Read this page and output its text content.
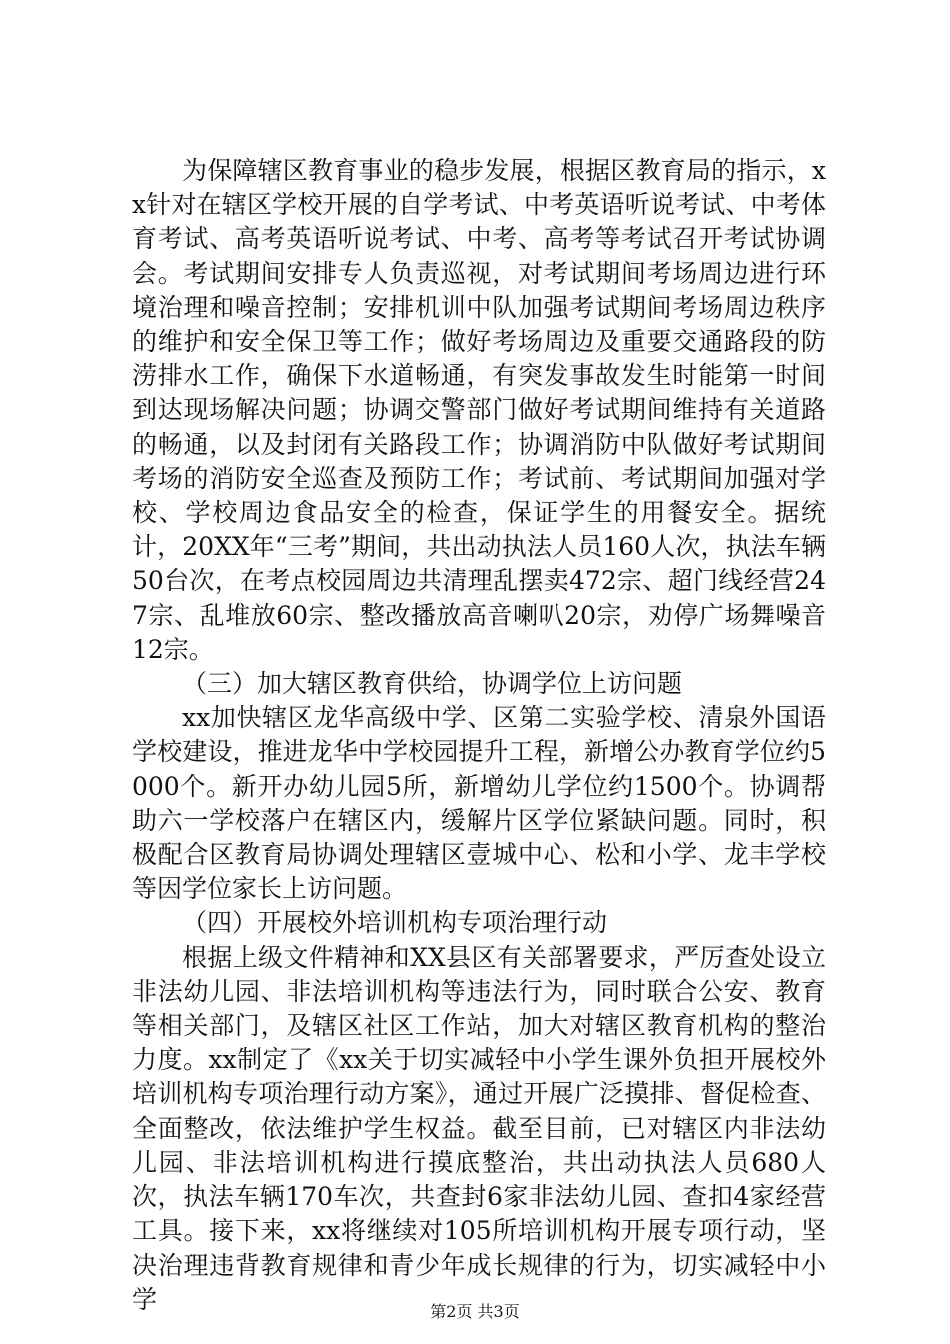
为保障辖区教育事业的稳步发展，根据区教育局的指示，xx针对在辖区学校开展的自学考试、中考英语听说考试、中考体育考试、高考英语听说考试、中考、高考等考试召开考试协调会。考试期间安排专人负责巡视，对考试期间考场周边进行环境治理和噪音控制；安排机训中队加强考试期间考场周边秩序的维护和安全保卫等工作；做好考场周边及重要交通路段的防涝排水工作，确保下水道畅通，有突发事故发生时能第一时间到达现场解决问题；协调交警部门做好考试期间维持有关道路的畅通，以及封闭有关路段工作；协调消防中队做好考试期间考场的消防安全巡查及预防工作；考试前、考试期间加强对学校、学校周边食品安全的检查，保证学生的用餐安全。据统计，20XX年“三考”期间，共出动执法人员160人次，执法车辆50台次，在考点校园周边共清理乱摆卖472宗、超门线经营247宗、乱堆放60宗、整改播放高音喇叭20宗，劝停广场舞噪音12宗。

（三）加大辖区教育供给，协调学位上访问题

xx加快辖区龙华高级中学、区第二实验学校、清泉外国语学校建设，推进龙华中学校园提升工程，新增公办教育学位约5000个。新开办幼儿园5所，新增幼儿学位约1500个。协调帮助六一学校落户在辖区内，缓解片区学位紧缺问题。同时，积极配合区教育局协调处理辖区壹城中心、松和小学、龙丰学校等因学位家长上访问题。

（四）开展校外培训机构专项治理行动

根据上级文件精神和XX县区有关部署要求，严厉查处设立非法幼儿园、非法培训机构等违法行为，同时联合公安、教育等相关部门，及辖区社区工作站，加大对辖区教育机构的整治力度。xx制定了《xx关于切实减轻中小学生课外负担开展校外培训机构专项治理行动方案》，通过开展广泛摸排、督促检查、全面整改，依法维护学生权益。截至目前，已对辖区内非法幼儿园、非法培训机构进行摸底整治，共出动执法人员680人次，执法车辆170车次，共查封6家非法幼儿园、查扣4家经营工具。接下来，xx将继续对105所培训机构开展专项行动，坚决治理违背教育规律和青少年成长规律的行为，切实减轻中小学	第2页 共3页
